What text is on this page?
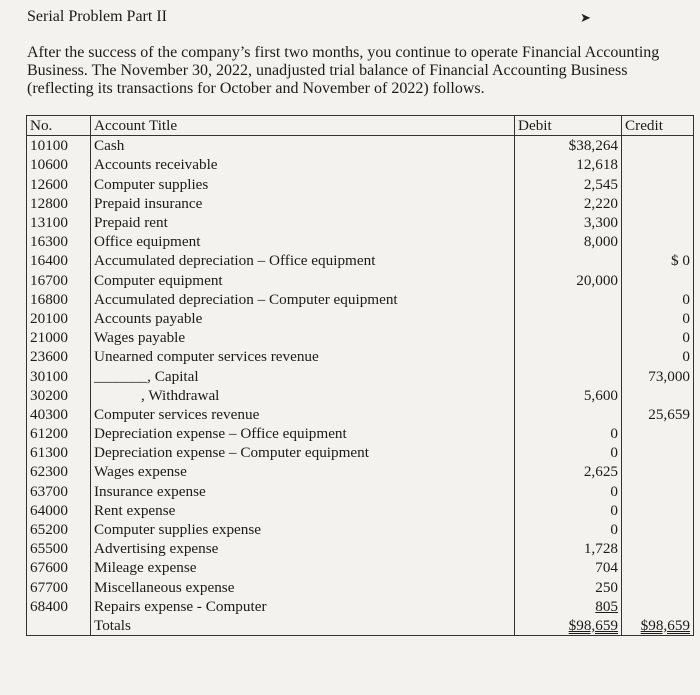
Serial Problem Part II	➤
After the success of the company’s first two months, you continue to operate Financial Accounting Business. The November 30, 2022, unadjusted trial balance of Financial Accounting Business (reflecting its transactions for October and November of 2022) follows.
No.	Account Title	Debit	Credit
10100	Cash	$38,264	
10600	Accounts receivable	12,618	
12600	Computer supplies	2,545	
12800	Prepaid insurance	2,220	
13100	Prepaid rent	3,300	
16300	Office equipment	8,000	
16400	Accumulated depreciation – Office equipment		$ 0
16700	Computer equipment	20,000	
16800	Accumulated depreciation – Computer equipment		0
20100	Accounts payable		0
21000	Wages payable		0
23600	Unearned computer services revenue		0
30100	_______, Capital		73,000
30200	, Withdrawal	5,600	
40300	Computer services revenue		25,659
61200	Depreciation expense – Office equipment	0	
61300	Depreciation expense – Computer equipment	0	
62300	Wages expense	2,625	
63700	Insurance expense	0	
64000	Rent expense	0	
65200	Computer supplies expense	0	
65500	Advertising expense	1,728	
67600	Mileage expense	704	
67700	Miscellaneous expense	250	
68400	Repairs expense - Computer	805	
	Totals	$98,659	$98,659
